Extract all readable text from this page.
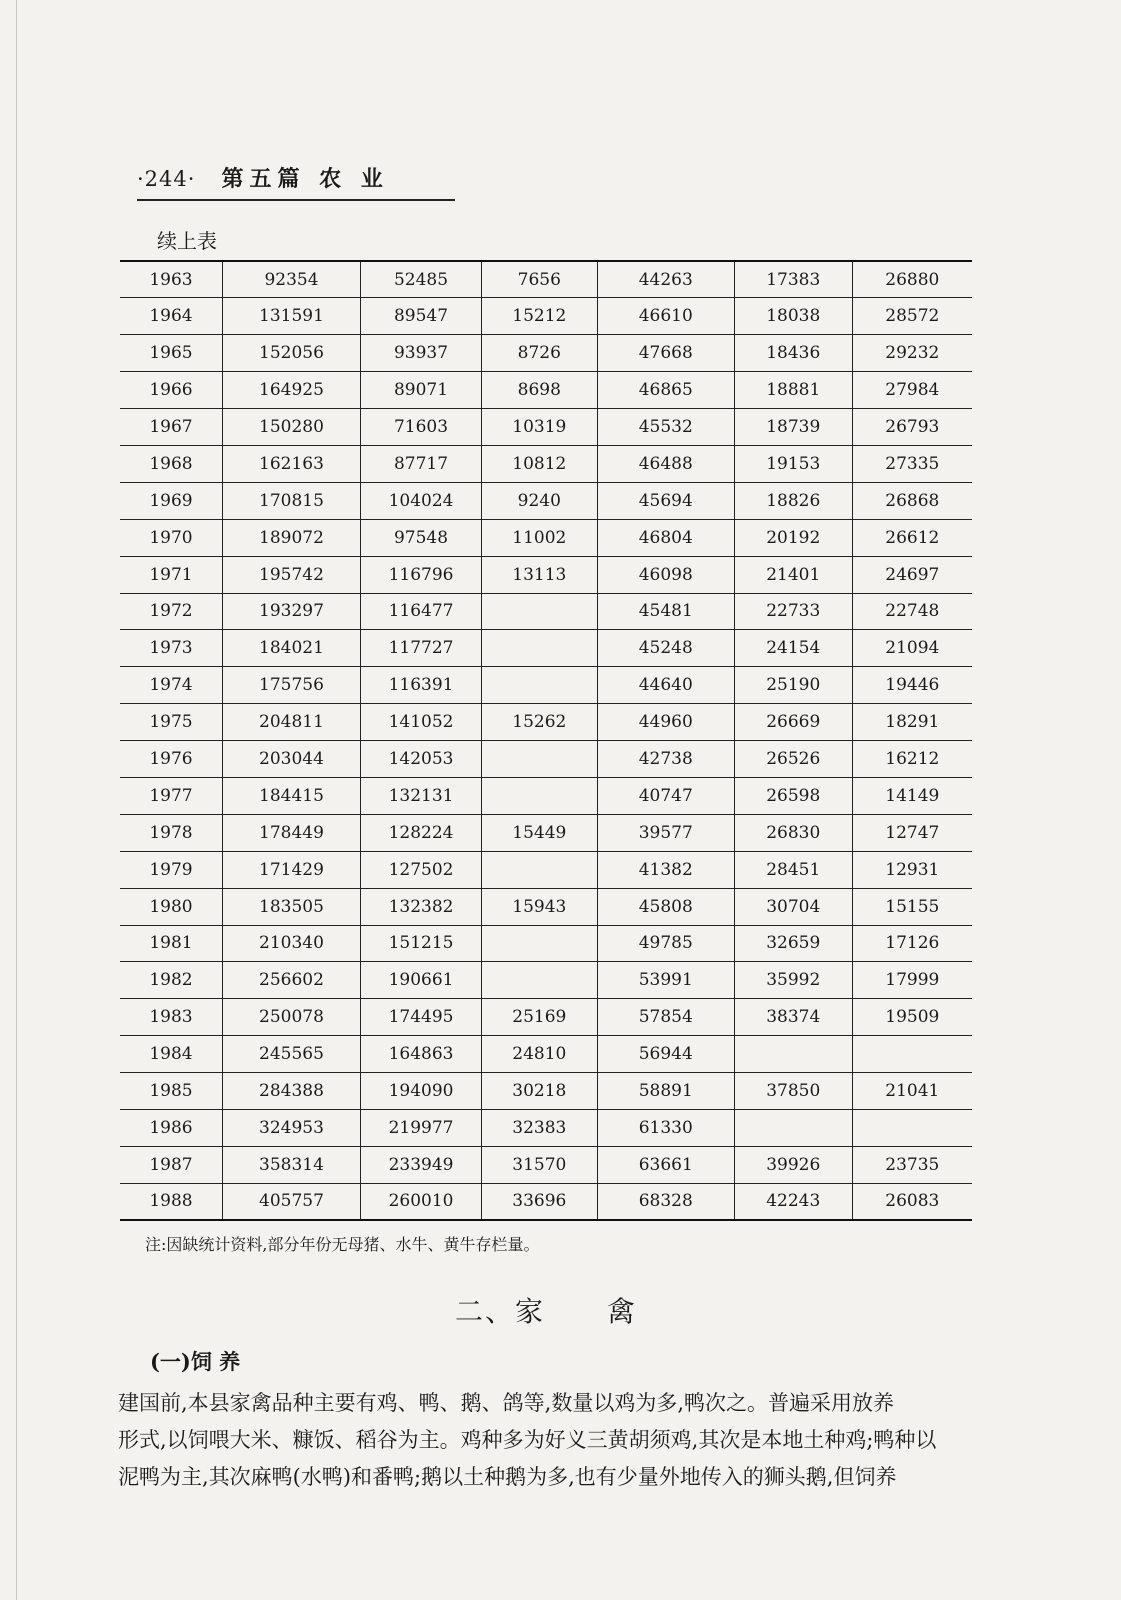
·244· 第五篇 农 业
续上表
1963	92354	52485	7656	44263	17383	26880
1964	131591	89547	15212	46610	18038	28572
1965	152056	93937	8726	47668	18436	29232
1966	164925	89071	8698	46865	18881	27984
1967	150280	71603	10319	45532	18739	26793
1968	162163	87717	10812	46488	19153	27335
1969	170815	104024	9240	45694	18826	26868
1970	189072	97548	11002	46804	20192	26612
1971	195742	116796	13113	46098	21401	24697
1972	193297	116477		45481	22733	22748
1973	184021	117727		45248	24154	21094
1974	175756	116391		44640	25190	19446
1975	204811	141052	15262	44960	26669	18291
1976	203044	142053		42738	26526	16212
1977	184415	132131		40747	26598	14149
1978	178449	128224	15449	39577	26830	12747
1979	171429	127502		41382	28451	12931
1980	183505	132382	15943	45808	30704	15155
1981	210340	151215		49785	32659	17126
1982	256602	190661		53991	35992	17999
1983	250078	174495	25169	57854	38374	19509
1984	245565	164863	24810	56944		
1985	284388	194090	30218	58891	37850	21041
1986	324953	219977	32383	61330		
1987	358314	233949	31570	63661	39926	23735
1988	405757	260010	33696	68328	42243	26083
注:因缺统计资料,部分年份无母猪、水牛、黄牛存栏量。
二、家 禽
(一)饲 养
建国前,本县家禽品种主要有鸡、鸭、鹅、鸽等,数量以鸡为多,鸭次之。普遍采用放养
形式,以饲喂大米、糠饭、稻谷为主。鸡种多为好义三黄胡须鸡,其次是本地土种鸡;鸭种以
泥鸭为主,其次麻鸭(水鸭)和番鸭;鹅以土种鹅为多,也有少量外地传入的狮头鹅,但饲养
